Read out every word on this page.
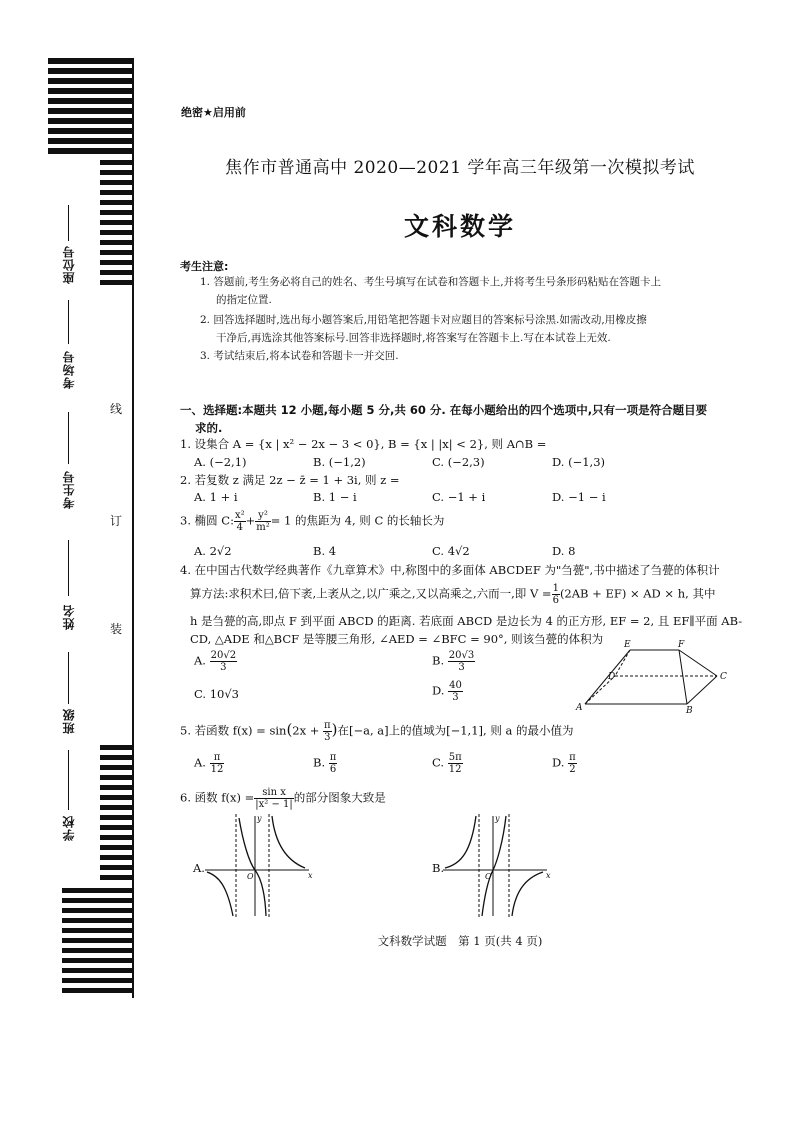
座位号
考场号
考生号
姓名
班级
学校
线
订
装
绝密★启用前
焦作市普通高中 2020—2021 学年高三年级第一次模拟考试
文科数学
考生注意:
1. 答题前,考生务必将自己的姓名、考生号填写在试卷和答题卡上,并将考生号条形码粘贴在答题卡上
的指定位置.
2. 回答选择题时,选出每小题答案后,用铅笔把答题卡对应题目的答案标号涂黑.如需改动,用橡皮擦
干净后,再选涂其他答案标号.回答非选择题时,将答案写在答题卡上.写在本试卷上无效.
3. 考试结束后,将本试卷和答题卡一并交回.
一、选择题:本题共 12 小题,每小题 5 分,共 60 分. 在每小题给出的四个选项中,只有一项是符合题目要
求的.
1. 设集合 A = {x | x² − 2x − 3 < 0}, B = {x | |x| < 2}, 则 A∩B =
A. (−2,1)	B. (−1,2)	C. (−2,3)	D. (−1,3)
2. 若复数 z 满足 2z − z̄ = 1 + 3i, 则 z =
A. 1 + i	B. 1 − i	C. −1 + i	D. −1 − i
3. 椭圆 C: $\frac{\text{x²}}{4} + \frac{\text{y²}}{\text{m²}} = 1$ 的焦距为 4, 则 C 的长轴长为
A. 2√2	B. 4	C. 4√2	D. 8
4. 在中国古代数学经典著作《九章算术》中,称图中的多面体 ABCDEF 为"刍甍",书中描述了刍甍的体积计
算方法:求积术曰,倍下袤,上袤从之,以广乘之,又以高乘之,六而一,即 $V = \frac{1}{6} (2AB + EF)$ × AD × h, 其中
h 是刍甍的高,即点 F 到平面 ABCD 的距离. 若底面 ABCD 是边长为 4 的正方形, EF = 2, 且 EF∥平面 AB-
CD, △ADE 和△BCF 是等腰三角形, ∠AED = ∠BFC = 90°, 则该刍甍的体积为
A. $\frac{20√2}{3}$	B. $\frac{20√3}{3}$
C. 10√3	D. $\frac{40}{3}$
E	F
A	B
C
D
5. 若函数 $f(x) = \sin(2x + \frac{\pi}{3}$ )在[−a, a]上的值域为[−1,1], 则 a 的最小值为
A. $\frac{\pi}{12}$	B. $\frac{\pi}{6}$	C. $\frac{5\pi}{12}$	D. $\frac{\pi}{2}$
6. 函数 $f(x) = \frac{\text{sin x}}{\text{|x² − 1|}}$ 的部分图象大致是
A.
x
y
O
B.
x
y
O
文科数学试题　第 1 页(共 4 页)
